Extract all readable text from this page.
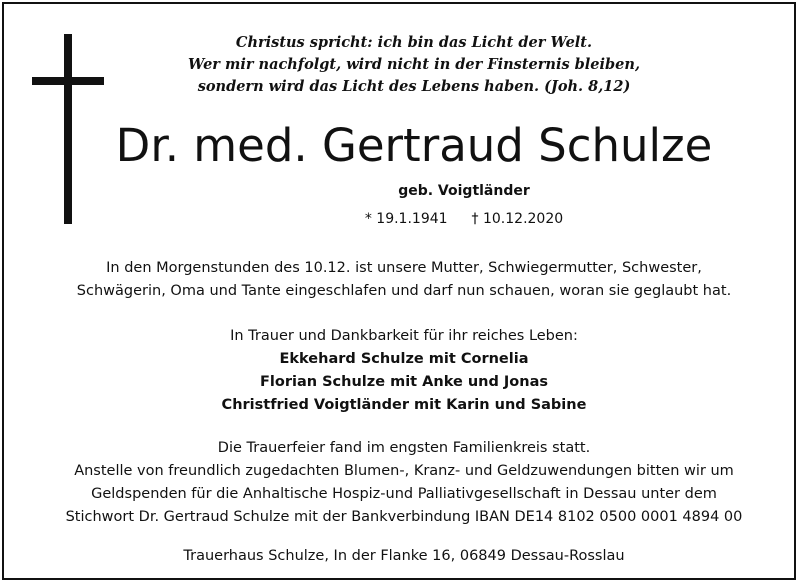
Christus spricht: ich bin das Licht der Welt.
Wer mir nachfolgt, wird nicht in der Finsternis bleiben,
sondern wird das Licht des Lebens haben. (Joh. 8,12)
Dr. med. Gertraud Schulze
geb. Voigtländer
* 19.1.1941 † 10.12.2020
In den Morgenstunden des 10.12. ist unsere Mutter, Schwiegermutter, Schwester,
Schwägerin, Oma und Tante eingeschlafen und darf nun schauen, woran sie geglaubt hat.
In Trauer und Dankbarkeit für ihr reiches Leben:
Ekkehard Schulze mit Cornelia
Florian Schulze mit Anke und Jonas
Christfried Voigtländer mit Karin und Sabine
Die Trauerfeier fand im engsten Familienkreis statt.
Anstelle von freundlich zugedachten Blumen-, Kranz- und Geldzuwendungen bitten wir um
Geldspenden für die Anhaltische Hospiz-und Palliativgesellschaft in Dessau unter dem
Stichwort Dr. Gertraud Schulze mit der Bankverbindung IBAN DE14 8102 0500 0001 4894 00
Trauerhaus Schulze, In der Flanke 16, 06849 Dessau-Rosslau
